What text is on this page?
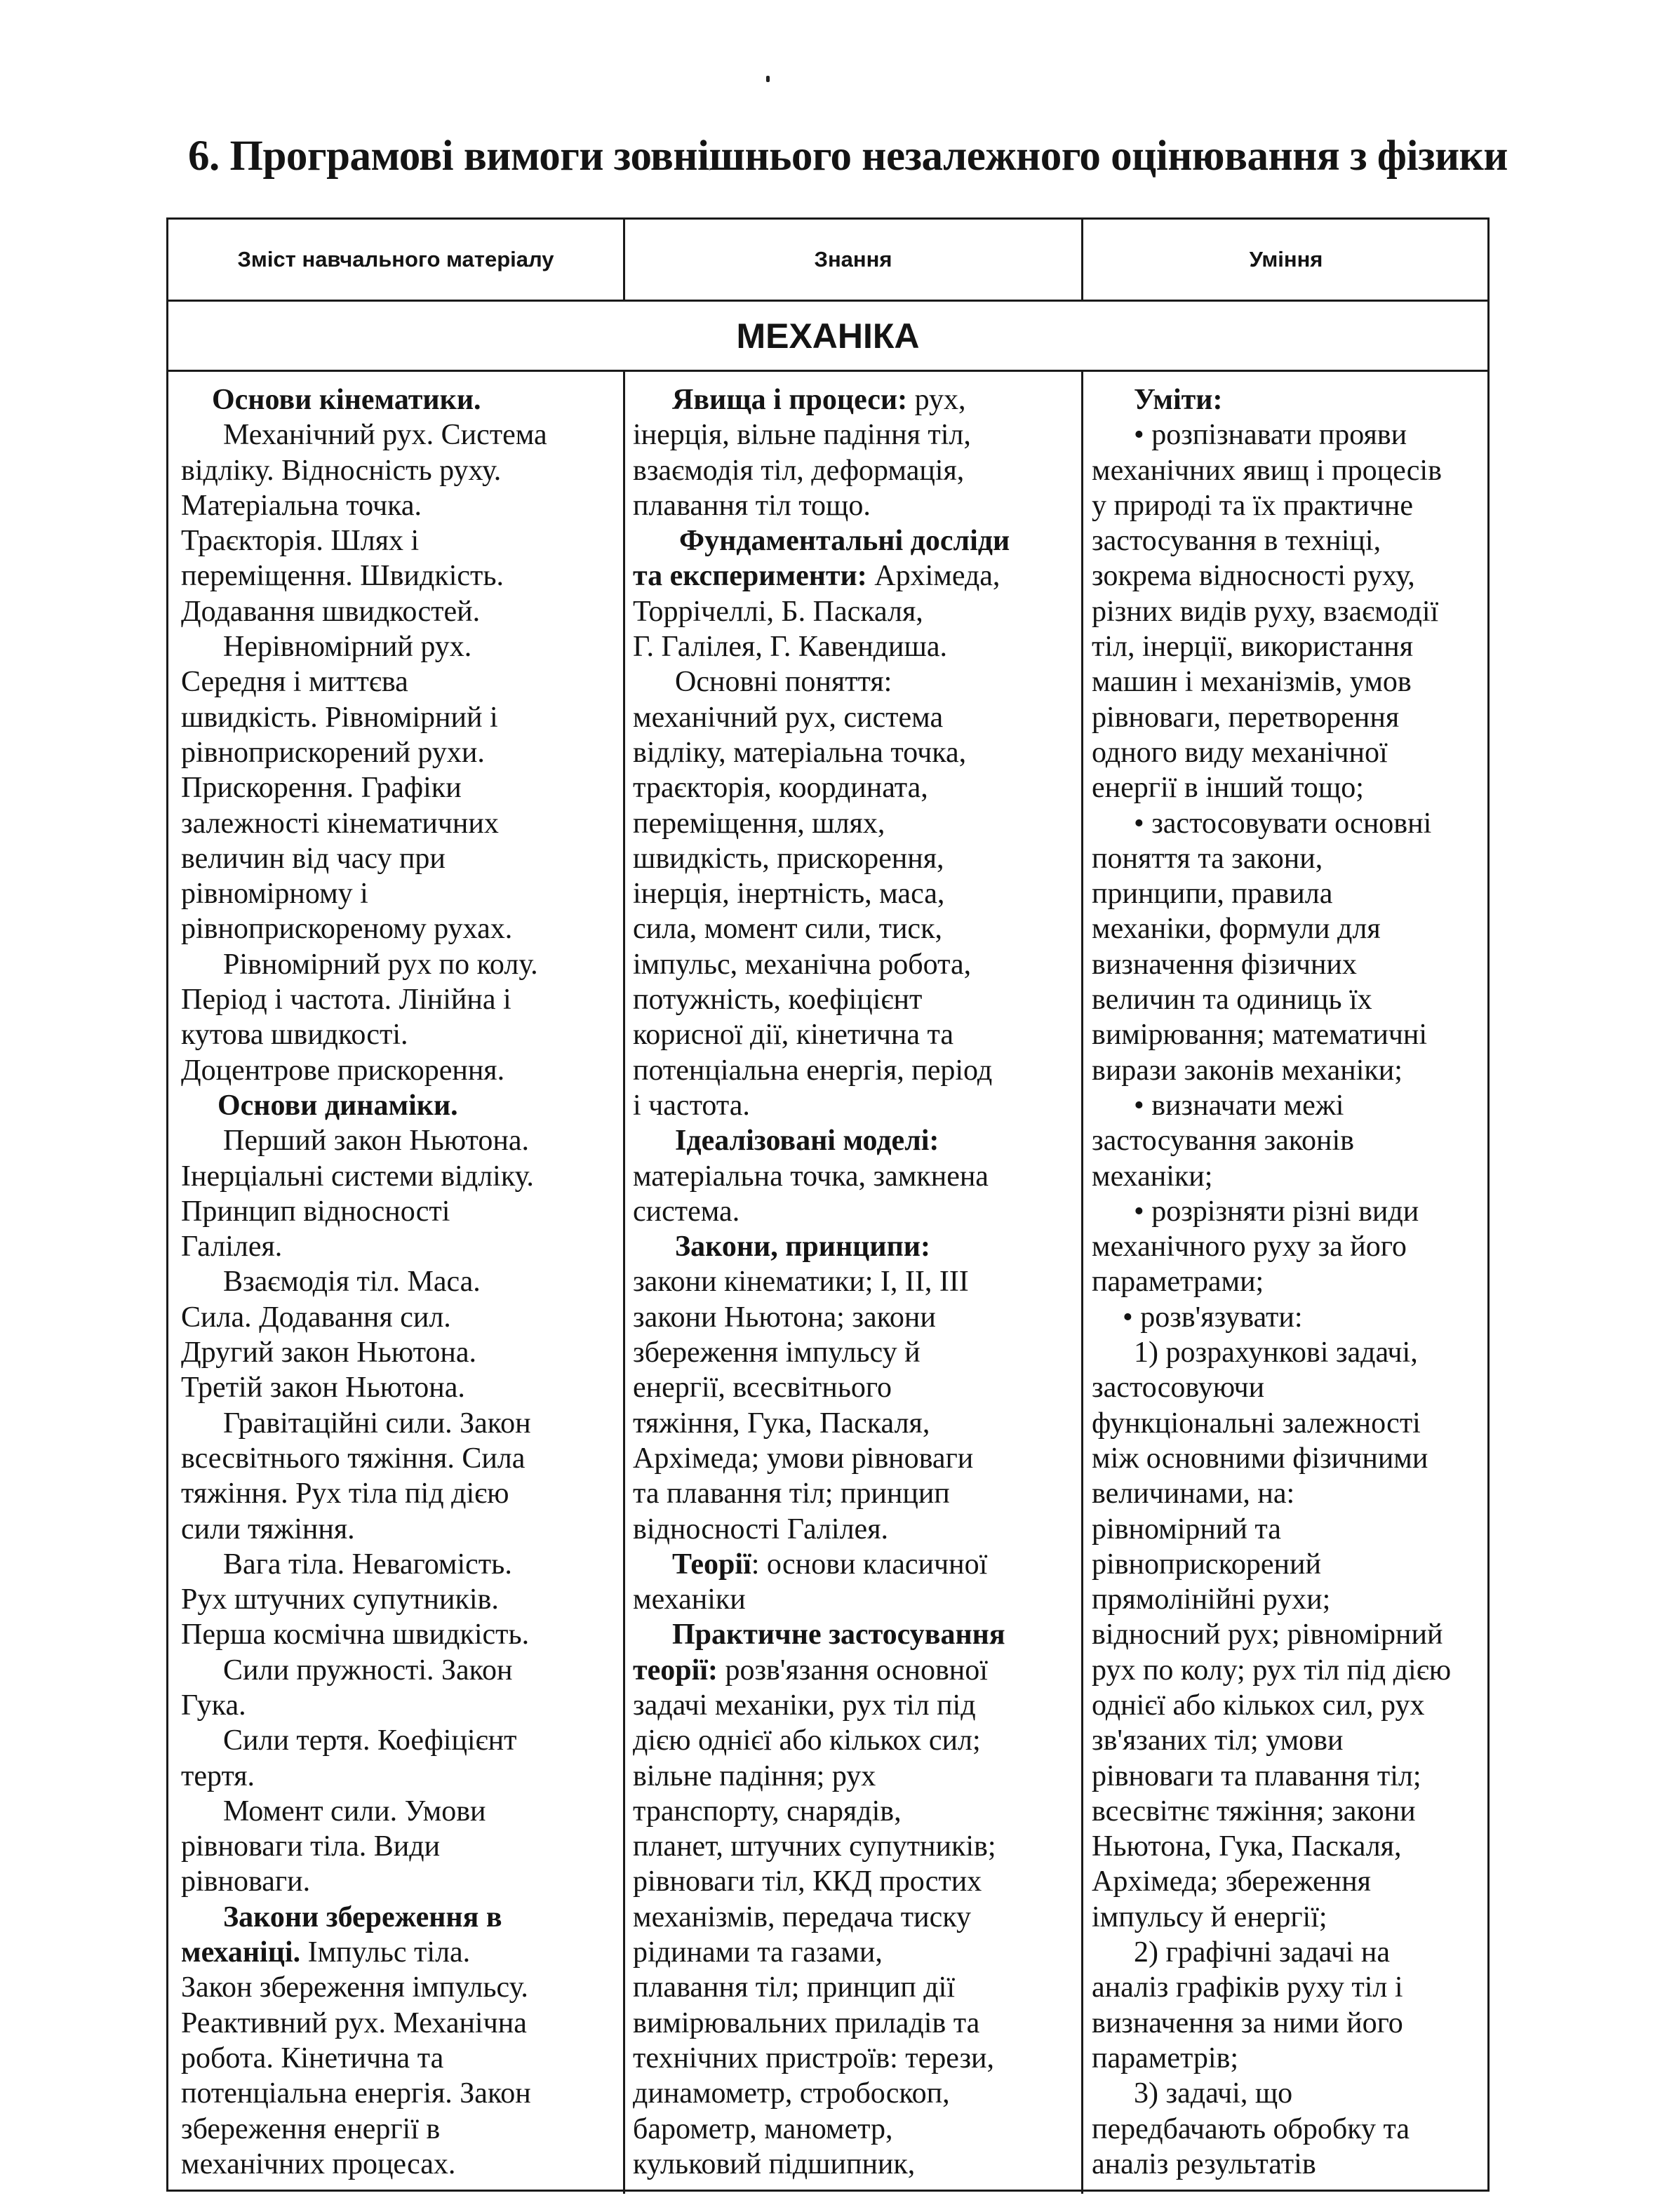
6. Програмові вимоги зовнішнього незалежного оцінювання з фізики
Зміст навчального матеріалу	Знання	Уміння
МЕХАНІКА

Основи кінематики.

Механічний рух. Система

відліку. Відносність руху.

Матеріальна точка.

Траєкторія. Шлях і

переміщення. Швидкість.

Додавання швидкостей.

Нерівномірний рух.

Середня і миттєва

швидкість. Рівномірний і

рівноприскорений рухи.

Прискорення. Графіки

залежності кінематичних

величин від часу при

рівномірному і

рівноприскореному рухах.

Рівномірний рух по колу.

Період і частота. Лінійна і

кутова швидкості.

Доцентрове прискорення.

Основи динаміки.

Перший закон Ньютона.

Інерціальні системи відліку.

Принцип відносності

Галілея.

Взаємодія тіл. Маса.

Сила. Додавання сил.

Другий закон Ньютона.

Третій закон Ньютона.

Гравітаційні сили. Закон

всесвітнього тяжіння. Сила

тяжіння. Рух тіла під дією

сили тяжіння.

Вага тіла. Невагомість.

Рух штучних супутників.

Перша космічна швидкість.

Сили пружності. Закон

Гука.

Сили тертя. Коефіцієнт

тертя.

Момент сили. Умови

рівноваги тіла. Види

рівноваги.

Закони збереження в

механіці. Імпульс тіла.

Закон збереження імпульсу.

Реактивний рух. Механічна

робота. Кінетична та

потенціальна енергія. Закон

збереження енергії в

механічних процесах.

Явища і процеси: рух,

інерція, вільне падіння тіл,

взаємодія тіл, деформація,

плавання тіл тощо.

Фундаментальні досліди

та експерименти: Архімеда,

Торрічеллі, Б. Паскаля,

Г. Галілея, Г. Кавендиша.

Основні поняття:

механічний рух, система

відліку, матеріальна точка,

траєкторія, координата,

переміщення, шлях,

швидкість, прискорення,

інерція, інертність, маса,

сила, момент сили, тиск,

імпульс, механічна робота,

потужність, коефіцієнт

корисної дії, кінетична та

потенціальна енергія, період

і частота.

Ідеалізовані моделі:

матеріальна точка, замкнена

система.

Закони, принципи:

закони кінематики; I, II, III

закони Ньютона; закони

збереження імпульсу й

енергії, всесвітнього

тяжіння, Гука, Паскаля,

Архімеда; умови рівноваги

та плавання тіл; принцип

відносності Галілея.

Теорії: основи класичної

механіки

Практичне застосування

теорії: розв'язання основної

задачі механіки, рух тіл під

дією однієї або кількох сил;

вільне падіння; рух

транспорту, снарядів,

планет, штучних супутників;

рівноваги тіл, ККД простих

механізмів, передача тиску

рідинами та газами,

плавання тіл; принцип дії

вимірювальних приладів та

технічних пристроїв: терези,

динамометр, стробоскоп,

барометр, манометр,

кульковий підшипник,

Уміти:

• розпізнавати прояви

механічних явищ і процесів

у природі та їх практичне

застосування в техніці,

зокрема відносності руху,

різних видів руху, взаємодії

тіл, інерції, використання

машин і механізмів, умов

рівноваги, перетворення

одного виду механічної

енергії в інший тощо;

• застосовувати основні

поняття та закони,

принципи, правила

механіки, формули для

визначення фізичних

величин та одиниць їх

вимірювання; математичні

вирази законів механіки;

• визначати межі

застосування законів

механіки;

• розрізняти різні види

механічного руху за його

параметрами;

• розв'язувати:

1) розрахункові задачі,

застосовуючи

функціональні залежності

між основними фізичними

величинами, на:

рівномірний та

рівноприскорений

прямолінійні рухи;

відносний рух; рівномірний

рух по колу; рух тіл під дією

однієї або кількох сил, рух

зв'язаних тіл; умови

рівноваги та плавання тіл;

всесвітнє тяжіння; закони

Ньютона, Гука, Паскаля,

Архімеда; збереження

імпульсу й енергії;

2) графічні задачі на

аналіз графіків руху тіл і

визначення за ними його

параметрів;

3) задачі, що

передбачають обробку та

аналіз результатів
